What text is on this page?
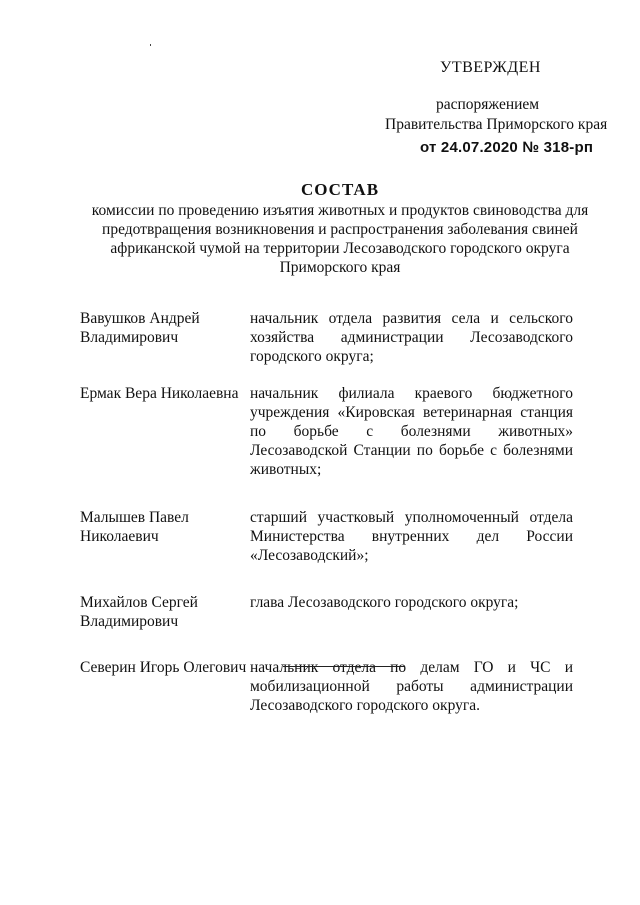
УТВЕРЖДЕН
распоряжением
Правительства Приморского края
от 24.07.2020 № 318-рп
СОСТАВ
комиссии по проведению изъятия животных и продуктов свиноводства для
предотвращения возникновения и распространения заболевания свиней
африканской чумой на территории Лесозаводского городского округа
Приморского края
Вавушков Андрей Владимирович
начальник отдела развития села и сельского хозяйства администрации Лесозаводского городского округа;
Ермак Вера Николаевна начальник филиала краевого бюджетного учреждения «Кировская ветеринарная станция по борьбе с болезнями животных» Лесозаводской Станции по борьбе с болезнями животных;
Малышев Павел Николаевич
старший участковый уполномоченный отдела Министерства внутренних дел России «Лесозаводский»;
Михайлов Сергей Владимирович
глава Лесозаводского городского округа;
Северин Игорь Олегович начальник отдела по делам ГО и ЧС и мобилизационной работы администрации Лесозаводского городского округа.
